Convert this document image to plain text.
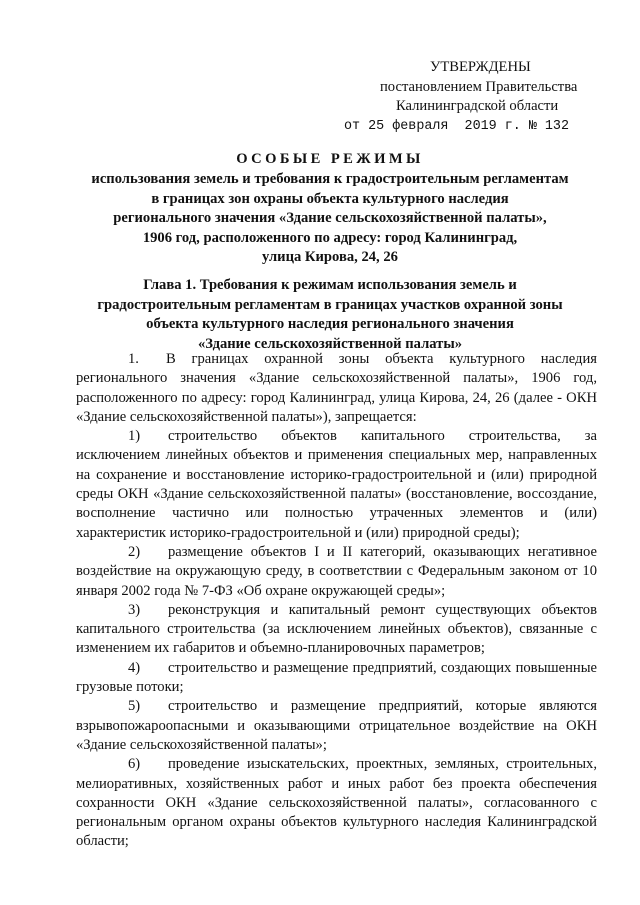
УТВЕРЖДЕНЫ
постановлением Правительства
Калининградской области
от 25 февраля  2019 г. № 132
ОСОБЫЕ РЕЖИМЫ
использования земель и требования к градостроительным регламентам
в границах зон охраны объекта культурного наследия
регионального значения «Здание сельскохозяйственной палаты»,
1906 год, расположенного по адресу: город Калининград,
улица Кирова, 24, 26
Глава 1. Требования к режимам использования земель и
градостроительным регламентам в границах участков охранной зоны
объекта культурного наследия регионального значения
«Здание сельскохозяйственной палаты»

1. В границах охранной зоны объекта культурного наследия регионального значения «Здание сельскохозяйственной палаты», 1906 год, расположенного по адресу: город Калининград, улица Кирова, 24, 26 (далее - ОКН «Здание сельскохозяйственной палаты»), запрещается:

1) строительство объектов капитального строительства, за исключением линейных объектов и применения специальных мер, направленных на сохранение и восстановление историко-градостроительной и (или) природной среды ОКН «Здание сельскохозяйственной палаты» (восстановление, воссоздание, восполнение частично или полностью утраченных элементов и (или) характеристик историко-градостроительной и (или) природной среды);

2) размещение объектов I и II категорий, оказывающих негативное воздействие на окружающую среду, в соответствии с Федеральным законом от 10 января 2002 года № 7-ФЗ «Об охране окружающей среды»;

3) реконструкция и капитальный ремонт существующих объектов капитального строительства (за исключением линейных объектов), связанные с изменением их габаритов и объемно-планировочных параметров;

4) строительство и размещение предприятий, создающих повышенные грузовые потоки;

5) строительство и размещение предприятий, которые являются взрывопожароопасными и оказывающими отрицательное воздействие на ОКН «Здание сельскохозяйственной палаты»;

6) проведение изыскательских, проектных, земляных, строительных, мелиоративных, хозяйственных работ и иных работ без проекта обеспечения сохранности ОКН «Здание сельскохозяйственной палаты», согласованного с региональным органом охраны объектов культурного наследия Калининградской области;
